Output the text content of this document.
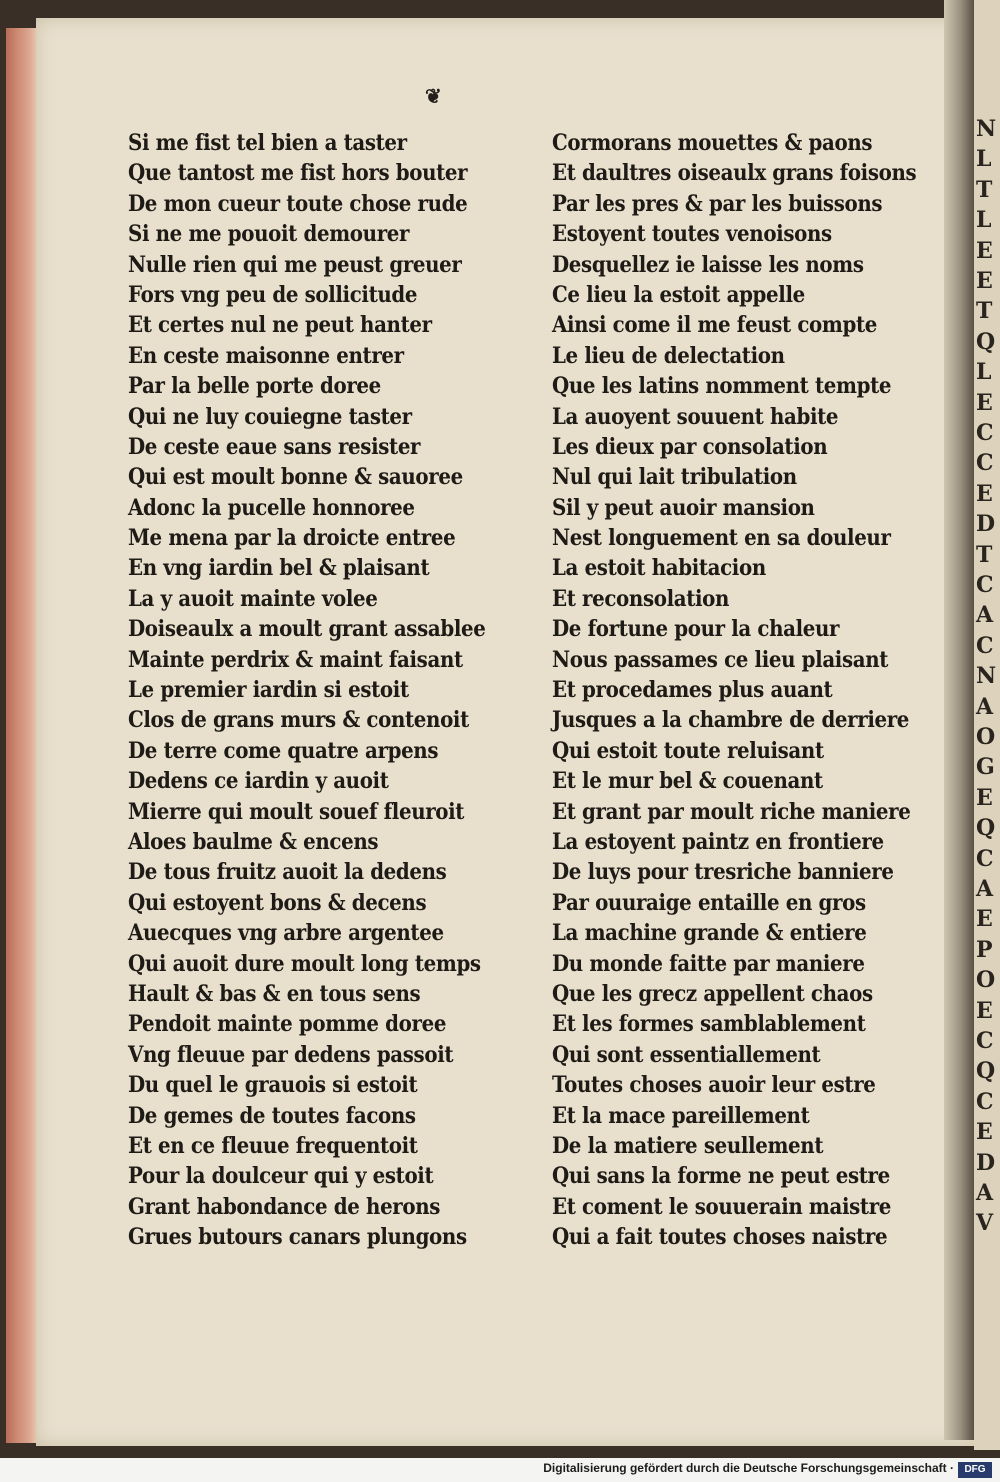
❦
Si me fist tel bien a taster
Que tantost me fist hors bouter
De mon cueur toute chose rude
Si ne me pouoit demourer
Nulle rien qui me peust greuer
Fors vng peu de sollicitude
Et certes nul ne peut hanter
En ceste maisonne entrer
Par la belle porte doree
Qui ne luy couiegne taster
De ceste eaue sans resister
Qui est moult bonne & sauoree
Adonc la pucelle honnoree
Me mena par la droicte entree
En vng iardin bel & plaisant
La y auoit mainte volee
Doiseaulx a moult grant assablee
Mainte perdrix & maint faisant
Le premier iardin si estoit
Clos de grans murs & contenoit
De terre come quatre arpens
Dedens ce iardin y auoit
Mierre qui moult souef fleuroit
Aloes baulme & encens
De tous fruitz auoit la dedens
Qui estoyent bons & decens
Auecques vng arbre argentee
Qui auoit dure moult long temps
Hault & bas & en tous sens
Pendoit mainte pomme doree
Vng fleuue par dedens passoit
Du quel le grauois si estoit
De gemes de toutes facons
Et en ce fleuue frequentoit
Pour la doulceur qui y estoit
Grant habondance de herons
Grues butours canars plungons
Cormorans mouettes & paons
Et daultres oiseaulx grans foisons
Par les pres & par les buissons
Estoyent toutes venoisons
Desquellez ie laisse les noms
Ce lieu la estoit appelle
Ainsi come il me feust compte
Le lieu de delectation
Que les latins nomment tempte
La auoyent souuent habite
Les dieux par consolation
Nul qui lait tribulation
Sil y peut auoir mansion
Nest longuement en sa douleur
La estoit habitacion
Et reconsolation
De fortune pour la chaleur
Nous passames ce lieu plaisant
Et procedames plus auant
Jusques a la chambre de derriere
Qui estoit toute reluisant
Et le mur bel & couenant
Et grant par moult riche maniere
La estoyent paintz en frontiere
De luys pour tresriche banniere
Par ouuraige entaille en gros
La machine grande & entiere
Du monde faitte par maniere
Que les grecz appellent chaos
Et les formes samblablement
Qui sont essentiallement
Toutes choses auoir leur estre
Et la mace pareillement
De la matiere seullement
Qui sans la forme ne peut estre
Et coment le souuerain maistre
Qui a fait toutes choses naistre
N
L
T
L
E
E
T
Q
L
E
C
C
E
D
T
C
A
C
N
A
O
G
E
Q
C
A
E
P
O
E
C
Q
C
E
D
A
V
Digitalisierung gefördert durch die Deutsche Forschungsgemeinschaft ·	DFG
